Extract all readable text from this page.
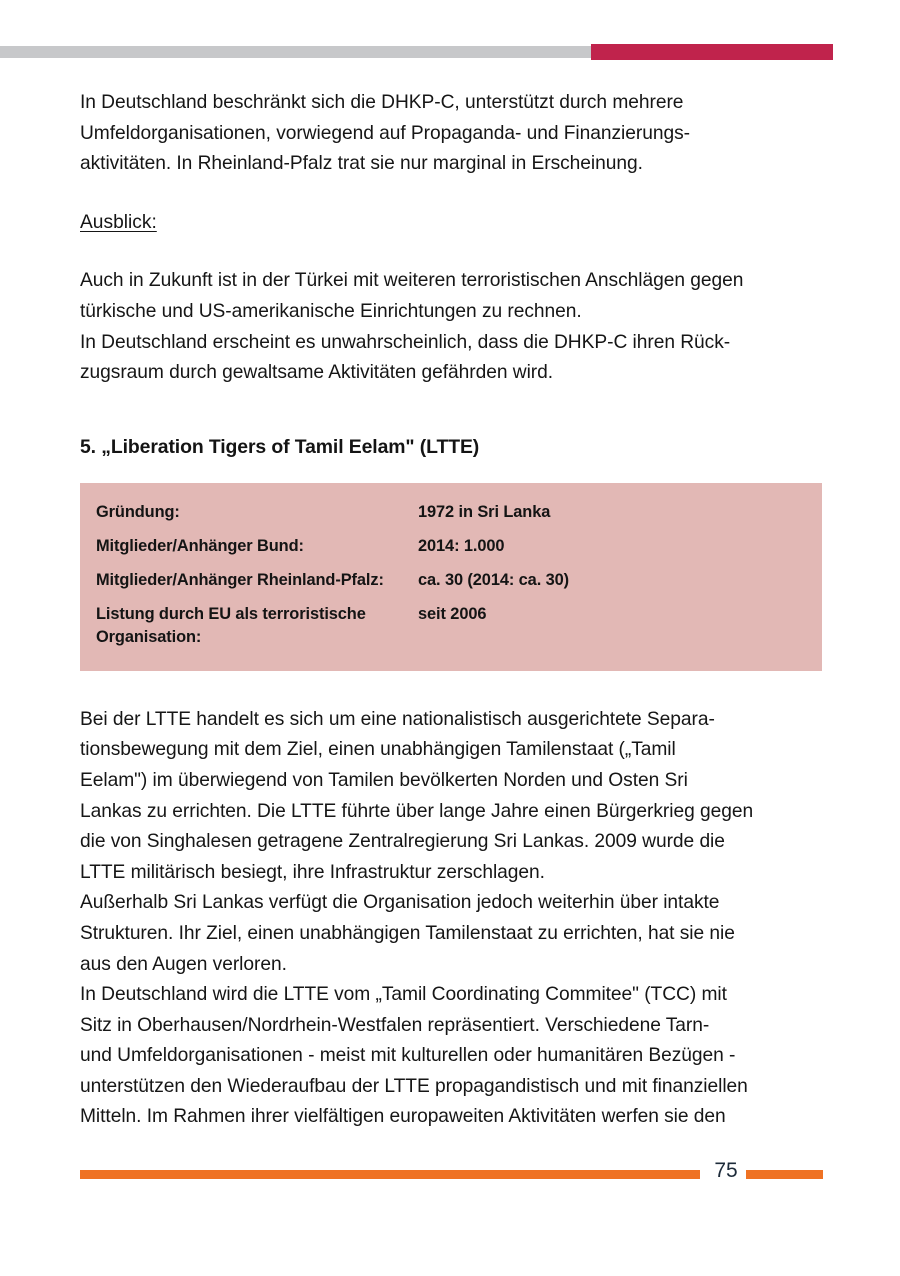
In Deutschland beschränkt sich die DHKP-C, unterstützt durch mehrere
Umfeldorganisationen, vorwiegend auf Propaganda- und Finanzierungs-
aktivitäten. In Rheinland-Pfalz trat sie nur marginal in Erscheinung.
Ausblick:
Auch in Zukunft ist in der Türkei mit weiteren terroristischen Anschlägen gegen
türkische und US-amerikanische Einrichtungen zu rechnen.
In Deutschland erscheint es unwahrscheinlich, dass die DHKP-C ihren Rück-
zugsraum durch gewaltsame Aktivitäten gefährden wird.
5. „Liberation Tigers of Tamil Eelam" (LTTE)
Gründung:	1972 in Sri Lanka
Mitglieder/Anhänger Bund:	2014: 1.000
Mitglieder/Anhänger Rheinland-Pfalz:	ca. 30 (2014: ca. 30)
Listung durch EU als terroristische Organisation:
seit 2006
Bei der LTTE handelt es sich um eine nationalistisch ausgerichtete Separa-
tionsbewegung mit dem Ziel, einen unabhängigen Tamilenstaat („Tamil
Eelam") im überwiegend von Tamilen bevölkerten Norden und Osten Sri
Lankas zu errichten. Die LTTE führte über lange Jahre einen Bürgerkrieg gegen
die von Singhalesen getragene Zentralregierung Sri Lankas. 2009 wurde die
LTTE militärisch besiegt, ihre Infrastruktur zerschlagen.
Außerhalb Sri Lankas verfügt die Organisation jedoch weiterhin über intakte
Strukturen. Ihr Ziel, einen unabhängigen Tamilenstaat zu errichten, hat sie nie
aus den Augen verloren.
In Deutschland wird die LTTE vom „Tamil Coordinating Commitee" (TCC) mit
Sitz in Oberhausen/Nordrhein-Westfalen repräsentiert. Verschiedene Tarn-
und Umfeldorganisationen - meist mit kulturellen oder humanitären Bezügen -
unterstützen den Wiederaufbau der LTTE propagandistisch und mit finanziellen
Mitteln. Im Rahmen ihrer vielfältigen europaweiten Aktivitäten werfen sie den
75
